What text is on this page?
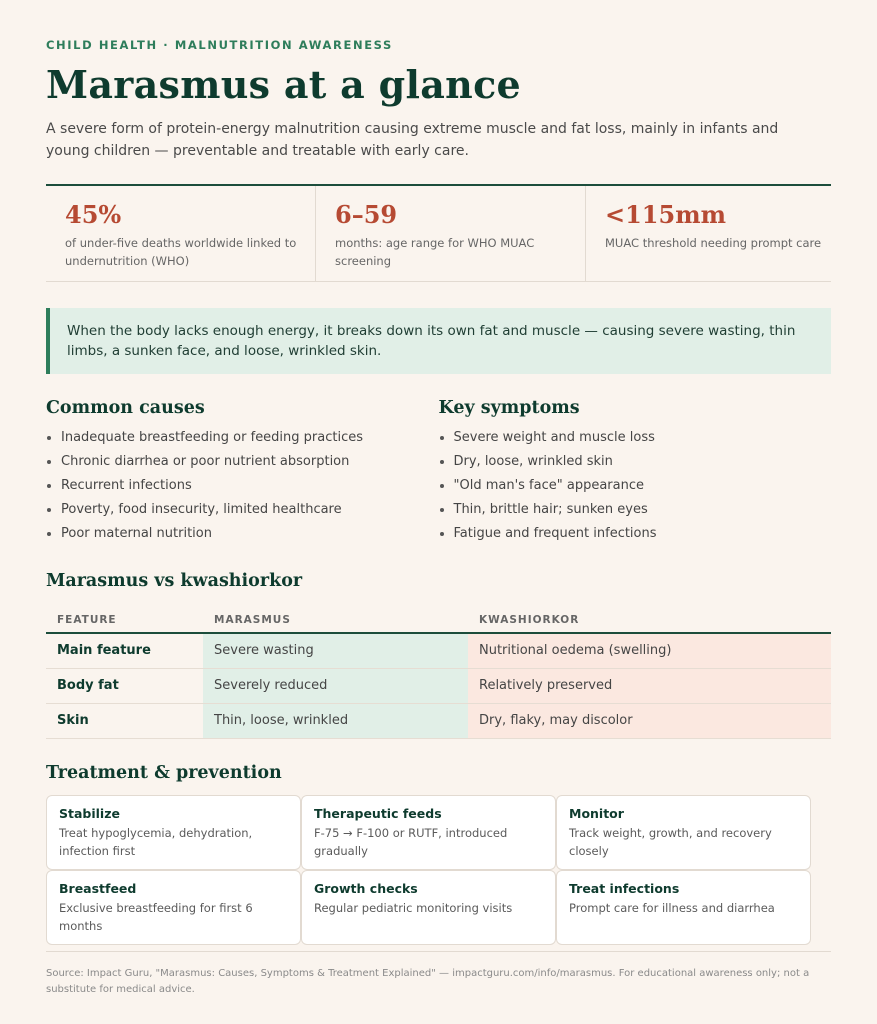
CHILD HEALTH · MALNUTRITION AWARENESS
Marasmus at a glance

A severe form of protein-energy malnutrition causing extreme muscle and fat loss, mainly in infants and young children — preventable and treatable with early care.

45%
of under-five deaths worldwide linked to undernutrition (WHO)
6–59
months: age range for WHO MUAC screening
<115mm
MUAC threshold needing prompt care
When the body lacks enough energy, it breaks down its own fat and muscle — causing severe wasting, thin limbs, a sunken face, and loose, wrinkled skin.
Common causes
Inadequate breastfeeding or feeding practices
Chronic diarrhea or poor nutrient absorption
Recurrent infections
Poverty, food insecurity, limited healthcare
Poor maternal nutrition
Key symptoms
Severe weight and muscle loss
Dry, loose, wrinkled skin
"Old man's face" appearance
Thin, brittle hair; sunken eyes
Fatigue and frequent infections
Marasmus vs kwashiorkor
FEATURE	MARASMUS	KWASHIORKOR
Main feature	Severe wasting	Nutritional oedema (swelling)
Body fat	Severely reduced	Relatively preserved
Skin	Thin, loose, wrinkled	Dry, flaky, may discolor
Treatment & prevention
Stabilize
Treat hypoglycemia, dehydration, infection first
Therapeutic feeds
F-75 → F-100 or RUTF, introduced gradually
Monitor
Track weight, growth, and recovery closely
Breastfeed
Exclusive breastfeeding for first 6 months
Growth checks
Regular pediatric monitoring visits
Treat infections
Prompt care for illness and diarrhea
Source: Impact Guru, "Marasmus: Causes, Symptoms & Treatment Explained" — impactguru.com/info/marasmus. For educational awareness only; not a substitute for medical advice.
